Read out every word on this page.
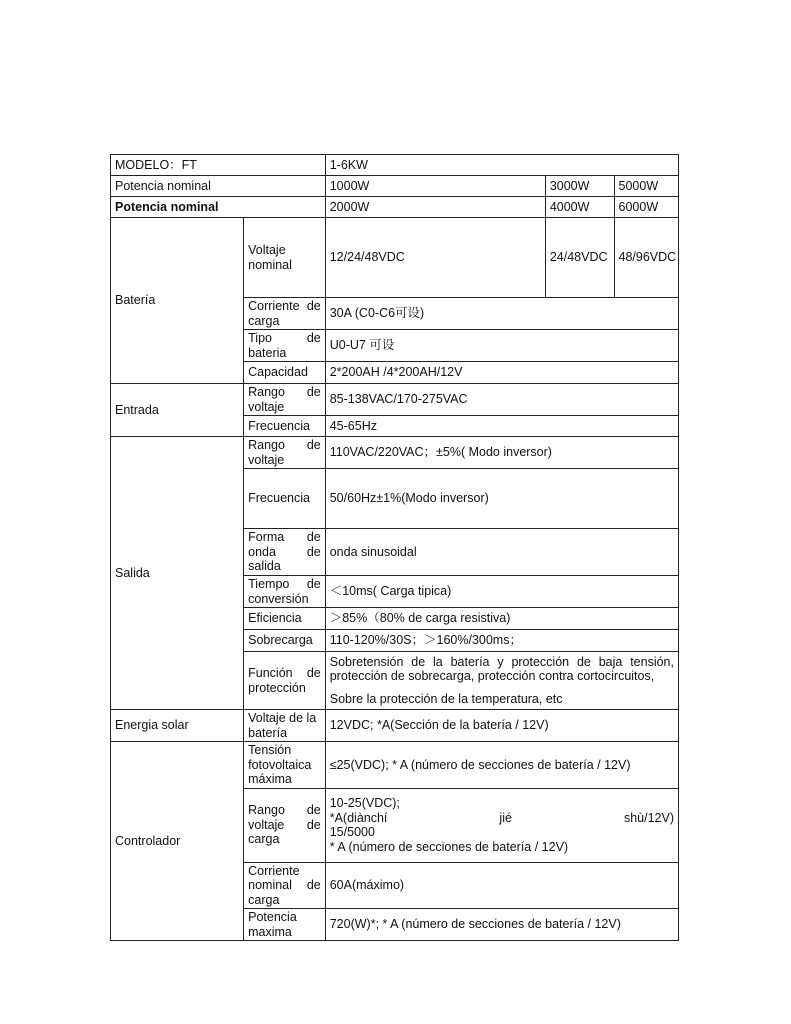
MODELO：FT		1-6KW		
Potencia nominal		1000W	3000W	5000W
Potencia nominal		2000W	4000W	6000W
Batería	Voltaje nominal	12/24/48VDC	24/48VDC	48/96VDC
	Corriente de carga	30A (C0-C6可设)		
	Tipo de bateria	U0-U7 可设		
	Capacidad	2*200AH /4*200AH/12V		
Entrada	Rango de voltaje	85-138VAC/170-275VAC		
	Frecuencia	45-65Hz		
Salida	Rango de voltaje	110VAC/220VAC；±5%( Modo inversor)		
	Frecuencia	50/60Hz±1%(Modo inversor)		
	Forma de onda de salida	onda sinusoidal		
	Tiempo de conversión	＜10ms( Carga tipica)		
	Eficiencia	＞85%（80% de carga resistiva)		
	Sobrecarga	110-120%/30S；＞160%/300ms；		
	Función de protección	Sobretensión de la batería y protección de baja tensión, protección de sobrecarga, protección contra cortocircuitos,
Sobre la protección de la temperatura, etc		

Energia solar	Voltaje de la batería	12VDC; *A(Sección de la batería / 12V)		
Controlador	Tensión fotovoltaica máxima	≤25(VDC); * A (número de secciones de batería / 12V)		
	Rango de voltaje de carga	10-25(VDC);
*A(diànchí jié shù/12V)
15/5000
* A (número de secciones de batería / 12V)		

	Corriente nominal de carga	60A(máximo)		
	Potencia maxima	720(W)*; * A (número de secciones de batería / 12V)		
